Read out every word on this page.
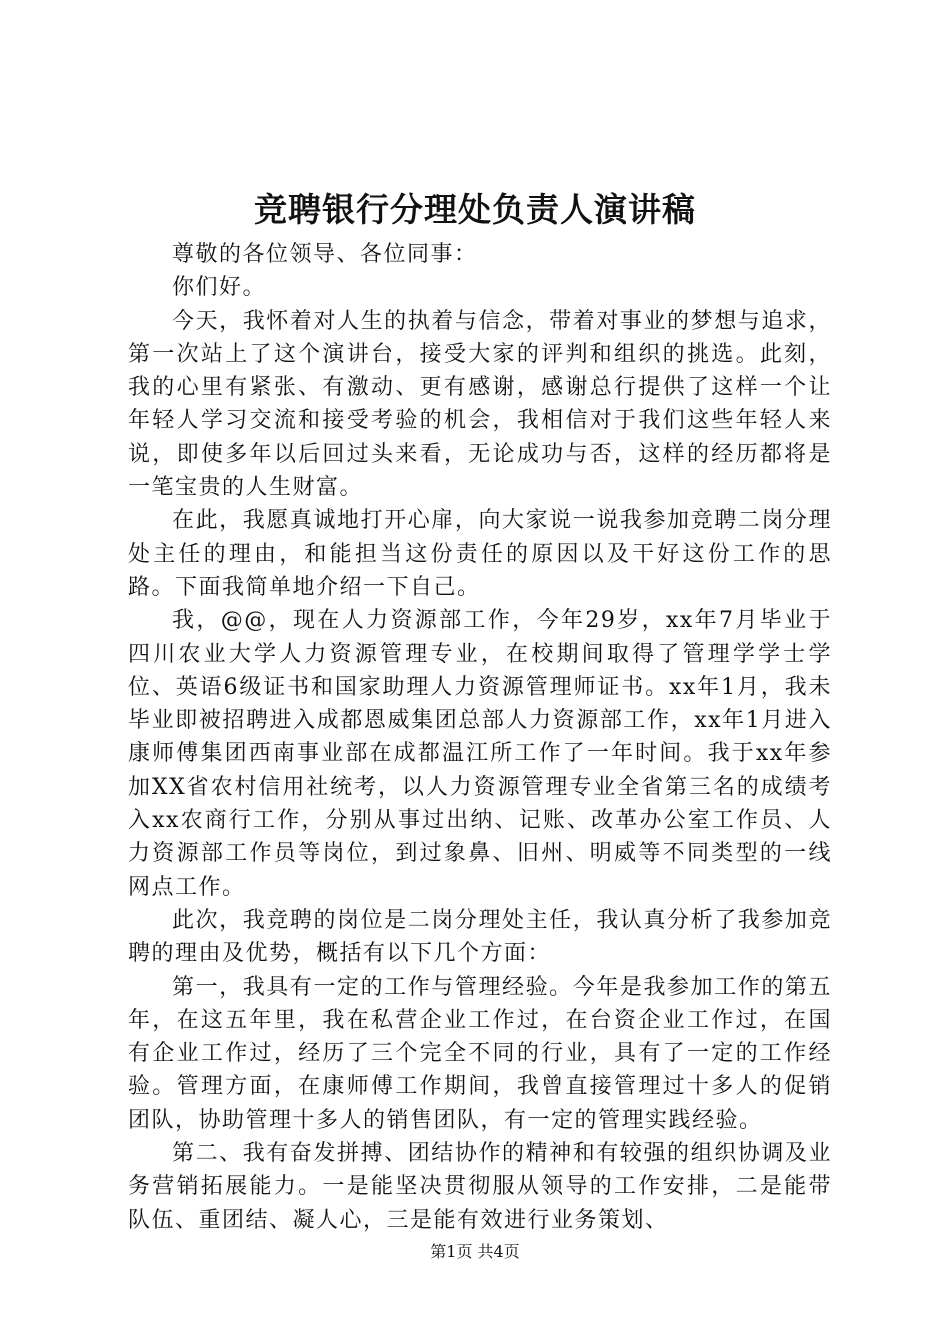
竞聘银行分理处负责人演讲稿

尊敬的各位领导、各位同事：

你们好。

今天，我怀着对人生的执着与信念，带着对事业的梦想与追求，第一次站上了这个演讲台，接受大家的评判和组织的挑选。此刻，我的心里有紧张、有激动、更有感谢，感谢总行提供了这样一个让年轻人学习交流和接受考验的机会，我相信对于我们这些年轻人来说，即使多年以后回过头来看，无论成功与否，这样的经历都将是一笔宝贵的人生财富。

在此，我愿真诚地打开心扉，向大家说一说我参加竞聘二岗分理处主任的理由，和能担当这份责任的原因以及干好这份工作的思路。下面我简单地介绍一下自己。

我，@@，现在人力资源部工作，今年29岁，xx年7月毕业于四川农业大学人力资源管理专业，在校期间取得了管理学学士学位、英语6级证书和国家助理人力资源管理师证书。xx年1月，我未毕业即被招聘进入成都恩威集团总部人力资源部工作，xx年1月进入康师傅集团西南事业部在成都温江所工作了一年时间。我于xx年参加XX省农村信用社统考，以人力资源管理专业全省第三名的成绩考入xx农商行工作，分别从事过出纳、记账、改革办公室工作员、人力资源部工作员等岗位，到过象鼻、旧州、明威等不同类型的一线网点工作。

此次，我竞聘的岗位是二岗分理处主任，我认真分析了我参加竞聘的理由及优势，概括有以下几个方面：

第一，我具有一定的工作与管理经验。今年是我参加工作的第五年，在这五年里，我在私营企业工作过，在台资企业工作过，在国有企业工作过，经历了三个完全不同的行业，具有了一定的工作经验。管理方面，在康师傅工作期间，我曾直接管理过十多人的促销团队，协助管理十多人的销售团队，有一定的管理实践经验。

第二、我有奋发拼搏、团结协作的精神和有较强的组织协调及业务营销拓展能力。一是能坚决贯彻服从领导的工作安排，二是能带队伍、重团结、凝人心，三是能有效进行业务策划、

第1页 共4页
